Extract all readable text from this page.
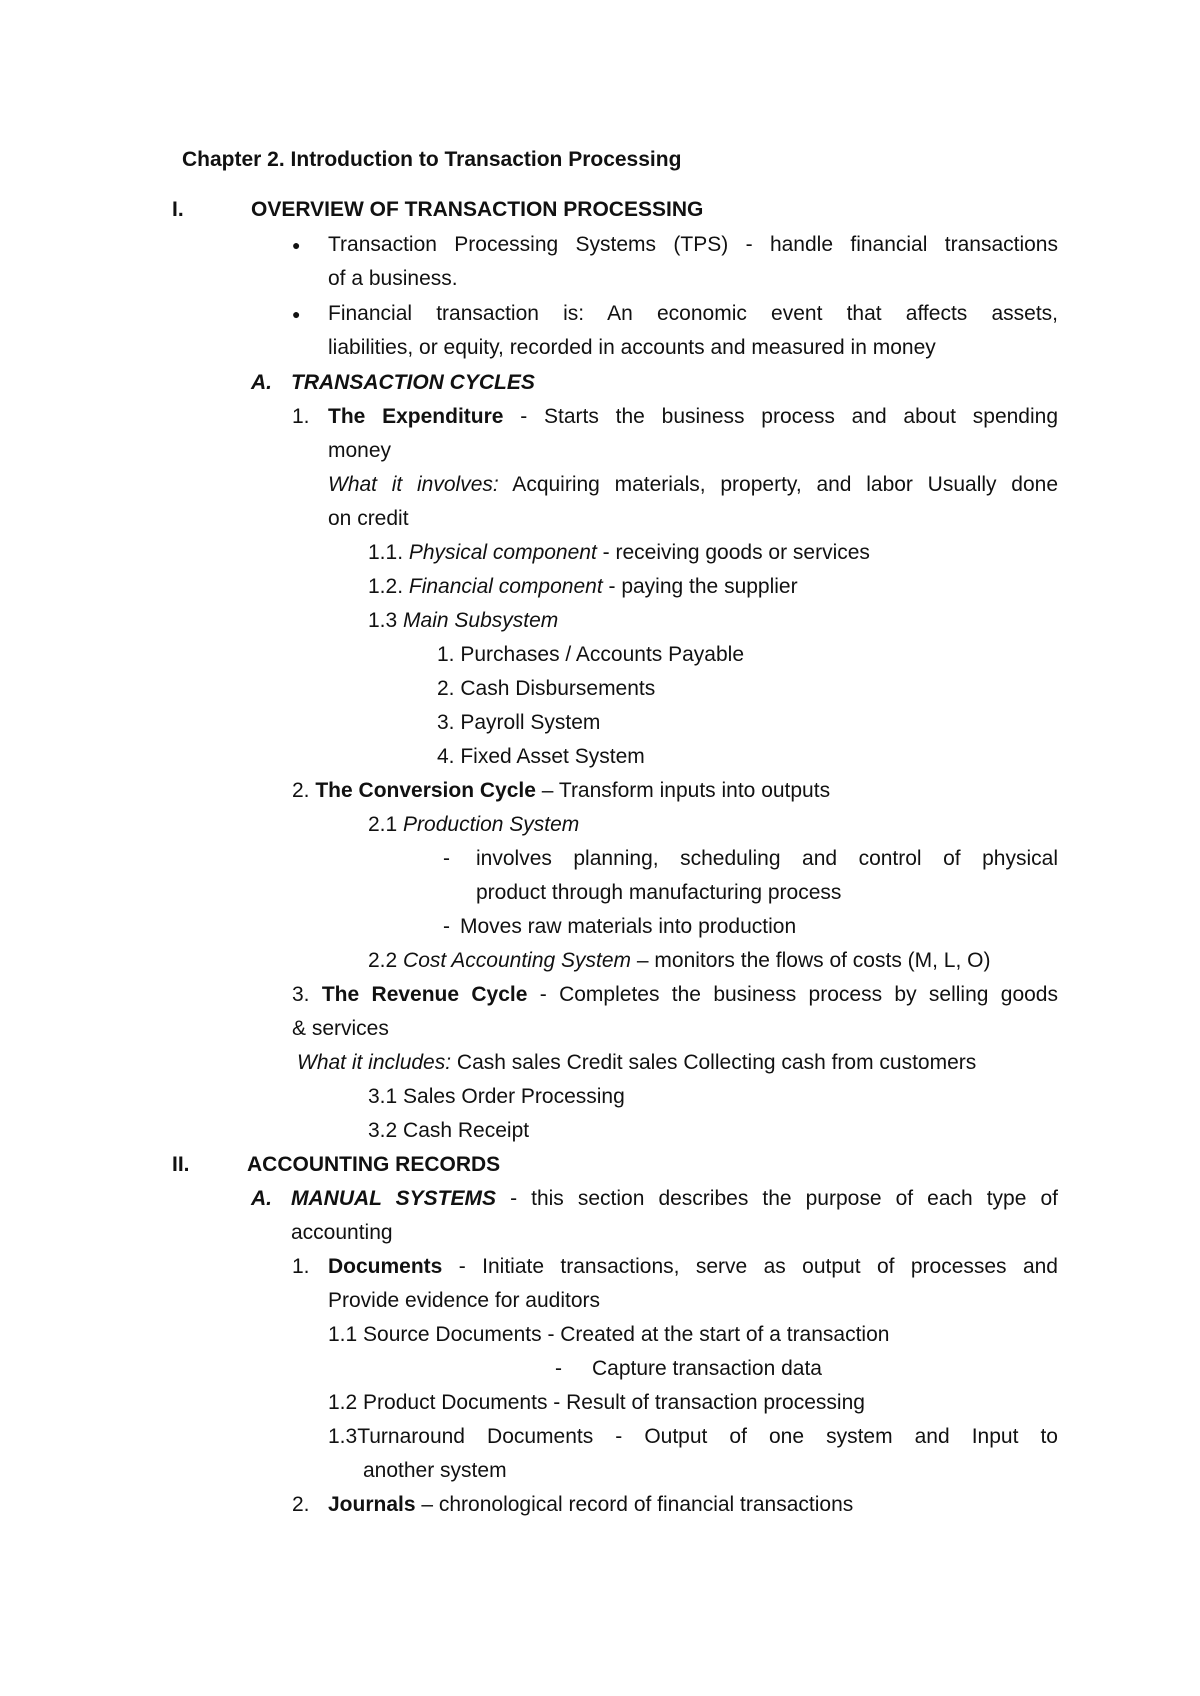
Chapter 2. Introduction to Transaction Processing
I.	OVERVIEW OF TRANSACTION PROCESSING
● Transaction Processing Systems (TPS) - handle financial transactions
of a business.
● Financial transaction is: An economic event that affects assets,
liabilities, or equity, recorded in accounts and measured in money
A. TRANSACTION CYCLES
1. The Expenditure - Starts the business process and about spending
money
What it involves: Acquiring materials, property, and labor Usually done
on credit
1.1. Physical component - receiving goods or services
1.2. Financial component - paying the supplier
1.3 Main Subsystem
1. Purchases / Accounts Payable
2. Cash Disbursements
3. Payroll System
4. Fixed Asset System
2. The Conversion Cycle – Transform inputs into outputs
2.1 Production System
- involves planning, scheduling and control of physical
product through manufacturing process
- Moves raw materials into production
2.2 Cost Accounting System – monitors the flows of costs (M, L, O)
3. The Revenue Cycle - Completes the business process by selling goods
& services
What it includes: Cash sales Credit sales Collecting cash from customers
3.1 Sales Order Processing
3.2 Cash Receipt
II.	ACCOUNTING RECORDS
A. MANUAL SYSTEMS - this section describes the purpose of each type of
accounting
1. Documents - Initiate transactions, serve as output of processes and
Provide evidence for auditors
1.1 Source Documents - Created at the start of a transaction
- Capture transaction data
1.2 Product Documents - Result of transaction processing
1.3Turnaround Documents - Output of one system and Input to
another system
2. Journals – chronological record of financial transactions
